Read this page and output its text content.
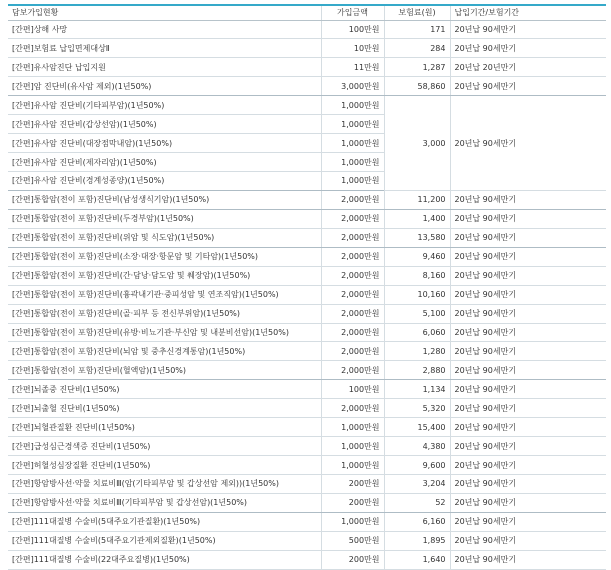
담보가입현황	가입금액	보험료(원)	납입기간/보험기간
[간편]상해 사망	100만원	171	20년납 90세만기
[간편]보험료 납입면제대상Ⅱ	10만원	284	20년납 90세만기
[간편]유사암진단 납입지원	11만원	1,287	20년납 20년만기
[간편]암 진단비(유사암 제외)(1년50%)	3,000만원	58,860	20년납 90세만기
[간편]유사암 진단비(기타피부암)(1년50%)	1,000만원	3,000	20년납 90세만기
[간편]유사암 진단비(갑상선암)(1년50%)	1,000만원		
[간편]유사암 진단비(대장점막내암)(1년50%)	1,000만원		
[간편]유사암 진단비(제자리암)(1년50%)	1,000만원		
[간편]유사암 진단비(경계성종양)(1년50%)	1,000만원		
[간편]통합암(전이 포함)진단비(남성생식기암)(1년50%)	2,000만원	11,200	20년납 90세만기
[간편]통합암(전이 포함)진단비(두경부암)(1년50%)	2,000만원	1,400	20년납 90세만기
[간편]통합암(전이 포함)진단비(위암 및 식도암)(1년50%)	2,000만원	13,580	20년납 90세만기
[간편]통합암(전이 포함)진단비(소장·대장·항문암 및 기타암)(1년50%)	2,000만원	9,460	20년납 90세만기
[간편]통합암(전이 포함)진단비(간·담낭·담도암 및 췌장암)(1년50%)	2,000만원	8,160	20년납 90세만기
[간편]통합암(전이 포함)진단비(흉곽내기관·중피성암 및 연조직암)(1년50%)	2,000만원	10,160	20년납 90세만기
[간편]통합암(전이 포함)진단비(골·피부 등 전신부위암)(1년50%)	2,000만원	5,100	20년납 90세만기
[간편]통합암(전이 포함)진단비(유방·비뇨기관·부신암 및 내분비선암)(1년50%)	2,000만원	6,060	20년납 90세만기
[간편]통합암(전이 포함)진단비(뇌암 및 중추신경계통암)(1년50%)	2,000만원	1,280	20년납 90세만기
[간편]통합암(전이 포함)진단비(혈액암)(1년50%)	2,000만원	2,880	20년납 90세만기
[간편]뇌졸중 진단비(1년50%)	100만원	1,134	20년납 90세만기
[간편]뇌출혈 진단비(1년50%)	2,000만원	5,320	20년납 90세만기
[간편]뇌혈관질환 진단비(1년50%)	1,000만원	15,400	20년납 90세만기
[간편]급성심근경색증 진단비(1년50%)	1,000만원	4,380	20년납 90세만기
[간편]허혈성심장질환 진단비(1년50%)	1,000만원	9,600	20년납 90세만기
[간편]항암방사선·약물 치료비Ⅲ(암(기타피부암 및 갑상선암 제외))(1년50%)	200만원	3,204	20년납 90세만기
[간편]항암방사선·약물 치료비Ⅲ(기타피부암 및 갑상선암)(1년50%)	200만원	52	20년납 90세만기
[간편]111대질병 수술비(5대주요기관질환)(1년50%)	1,000만원	6,160	20년납 90세만기
[간편]111대질병 수술비(5대주요기관제외질환)(1년50%)	500만원	1,895	20년납 90세만기
[간편]111대질병 수술비(22대주요질병)(1년50%)	200만원	1,640	20년납 90세만기
